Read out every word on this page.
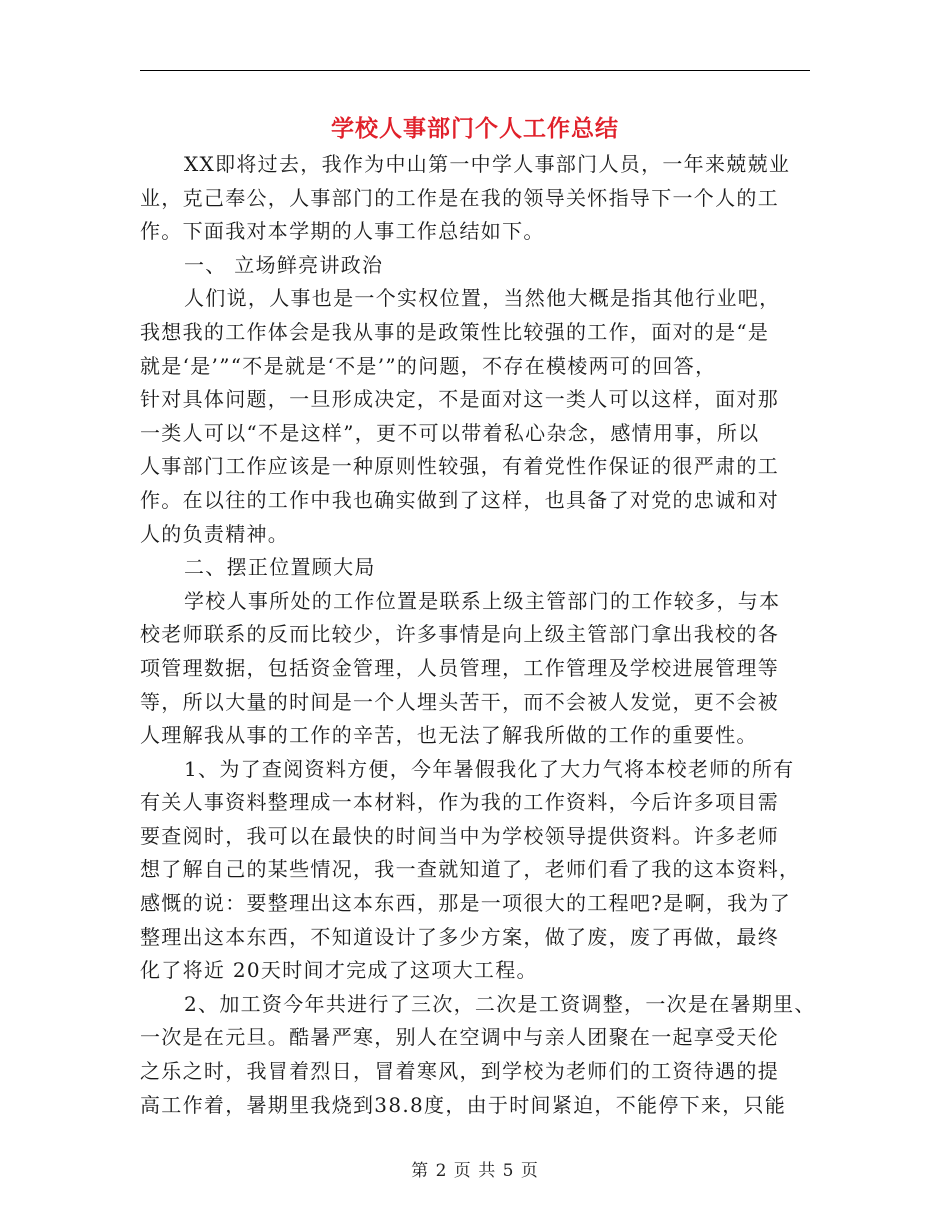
学校人事部门个人工作总结
XX即将过去，我作为中山第一中学人事部门人员，一年来兢兢业
业，克己奉公，人事部门的工作是在我的领导关怀指导下一个人的工
作。下面我对本学期的人事工作总结如下。
一、 立场鲜亮讲政治
人们说，人事也是一个实权位置，当然他大概是指其他行业吧，
我想我的工作体会是我从事的是政策性比较强的工作，面对的是“是
就是‘是’”“不是就是‘不是’”的问题，不存在模棱两可的回答，
针对具体问题，一旦形成决定，不是面对这一类人可以这样，面对那
一类人可以“不是这样”，更不可以带着私心杂念，感情用事，所以
人事部门工作应该是一种原则性较强，有着党性作保证的很严肃的工
作。在以往的工作中我也确实做到了这样，也具备了对党的忠诚和对
人的负责精神。
二、摆正位置顾大局
学校人事所处的工作位置是联系上级主管部门的工作较多，与本
校老师联系的反而比较少，许多事情是向上级主管部门拿出我校的各
项管理数据，包括资金管理，人员管理，工作管理及学校进展管理等
等，所以大量的时间是一个人埋头苦干，而不会被人发觉，更不会被
人理解我从事的工作的辛苦，也无法了解我所做的工作的重要性。
1、为了查阅资料方便，今年暑假我化了大力气将本校老师的所有
有关人事资料整理成一本材料，作为我的工作资料，今后许多项目需
要查阅时，我可以在最快的时间当中为学校领导提供资料。许多老师
想了解自己的某些情况，我一查就知道了，老师们看了我的这本资料，
感慨的说：要整理出这本东西，那是一项很大的工程吧?是啊，我为了
整理出这本东西，不知道设计了多少方案，做了废，废了再做，最终
化了将近 20天时间才完成了这项大工程。
2、加工资今年共进行了三次，二次是工资调整，一次是在暑期里、
一次是在元旦。酷暑严寒，别人在空调中与亲人团聚在一起享受天伦
之乐之时，我冒着烈日，冒着寒风，到学校为老师们的工资待遇的提
高工作着，暑期里我烧到38.8度，由于时间紧迫，不能停下来，只能
第 2 页 共 5 页
